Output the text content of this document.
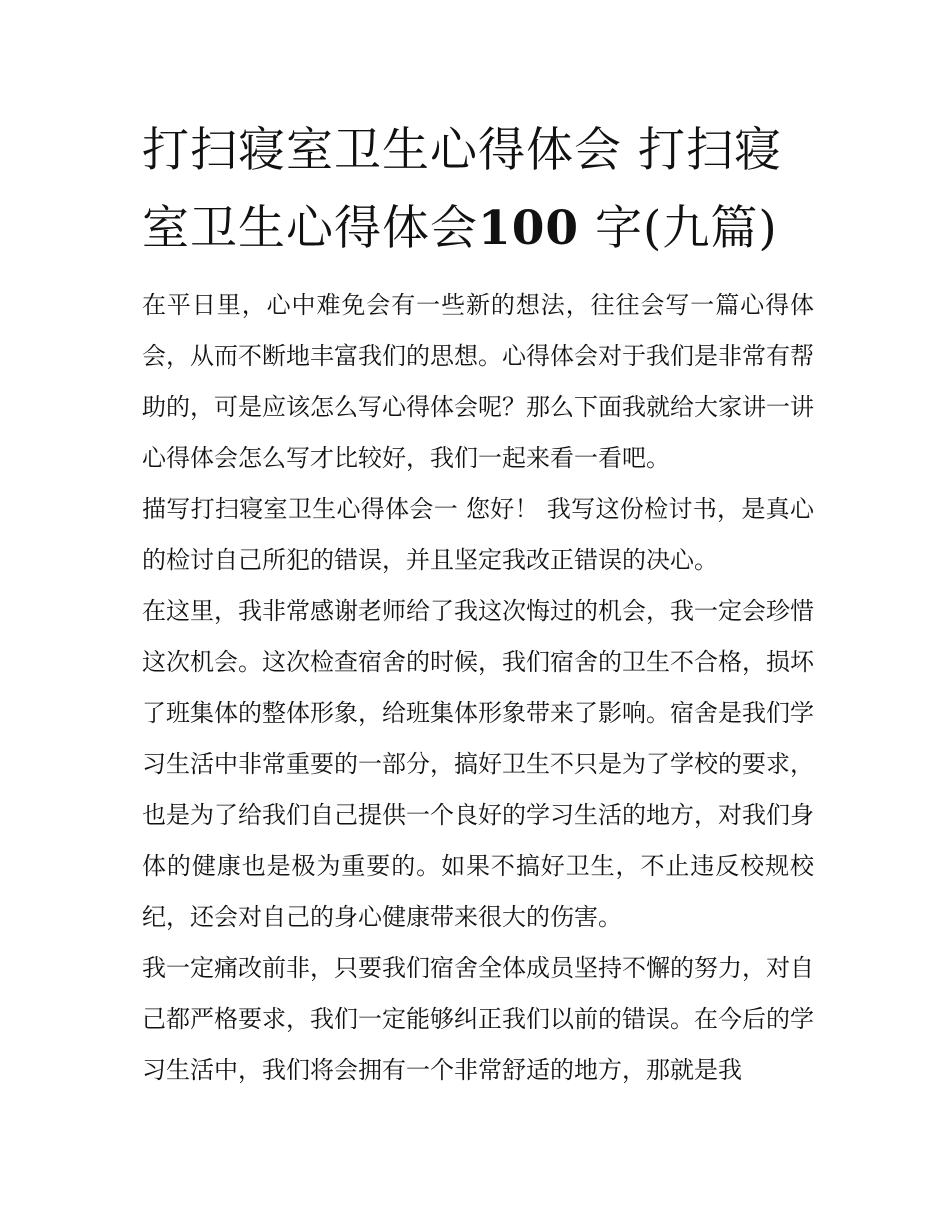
打扫寝室卫生心得体会 打扫寝室卫生心得体会100 字(九篇)

在平日里，心中难免会有一些新的想法，往往会写一篇心得体会，从而不断地丰富我们的思想。心得体会对于我们是非常有帮助的，可是应该怎么写心得体会呢？那么下面我就给大家讲一讲心得体会怎么写才比较好，我们一起来看一看吧。

描写打扫寝室卫生心得体会一 您好！ 我写这份检讨书，是真心的检讨自己所犯的错误，并且坚定我改正错误的决心。

在这里，我非常感谢老师给了我这次悔过的机会，我一定会珍惜这次机会。这次检查宿舍的时候，我们宿舍的卫生不合格，损坏了班集体的整体形象，给班集体形象带来了影响。宿舍是我们学习生活中非常重要的一部分，搞好卫生不只是为了学校的要求，也是为了给我们自己提供一个良好的学习生活的地方，对我们身体的健康也是极为重要的。如果不搞好卫生，不止违反校规校纪，还会对自己的身心健康带来很大的伤害。

我一定痛改前非，只要我们宿舍全体成员坚持不懈的努力，对自己都严格要求，我们一定能够纠正我们以前的错误。在今后的学习生活中，我们将会拥有一个非常舒适的地方，那就是我
